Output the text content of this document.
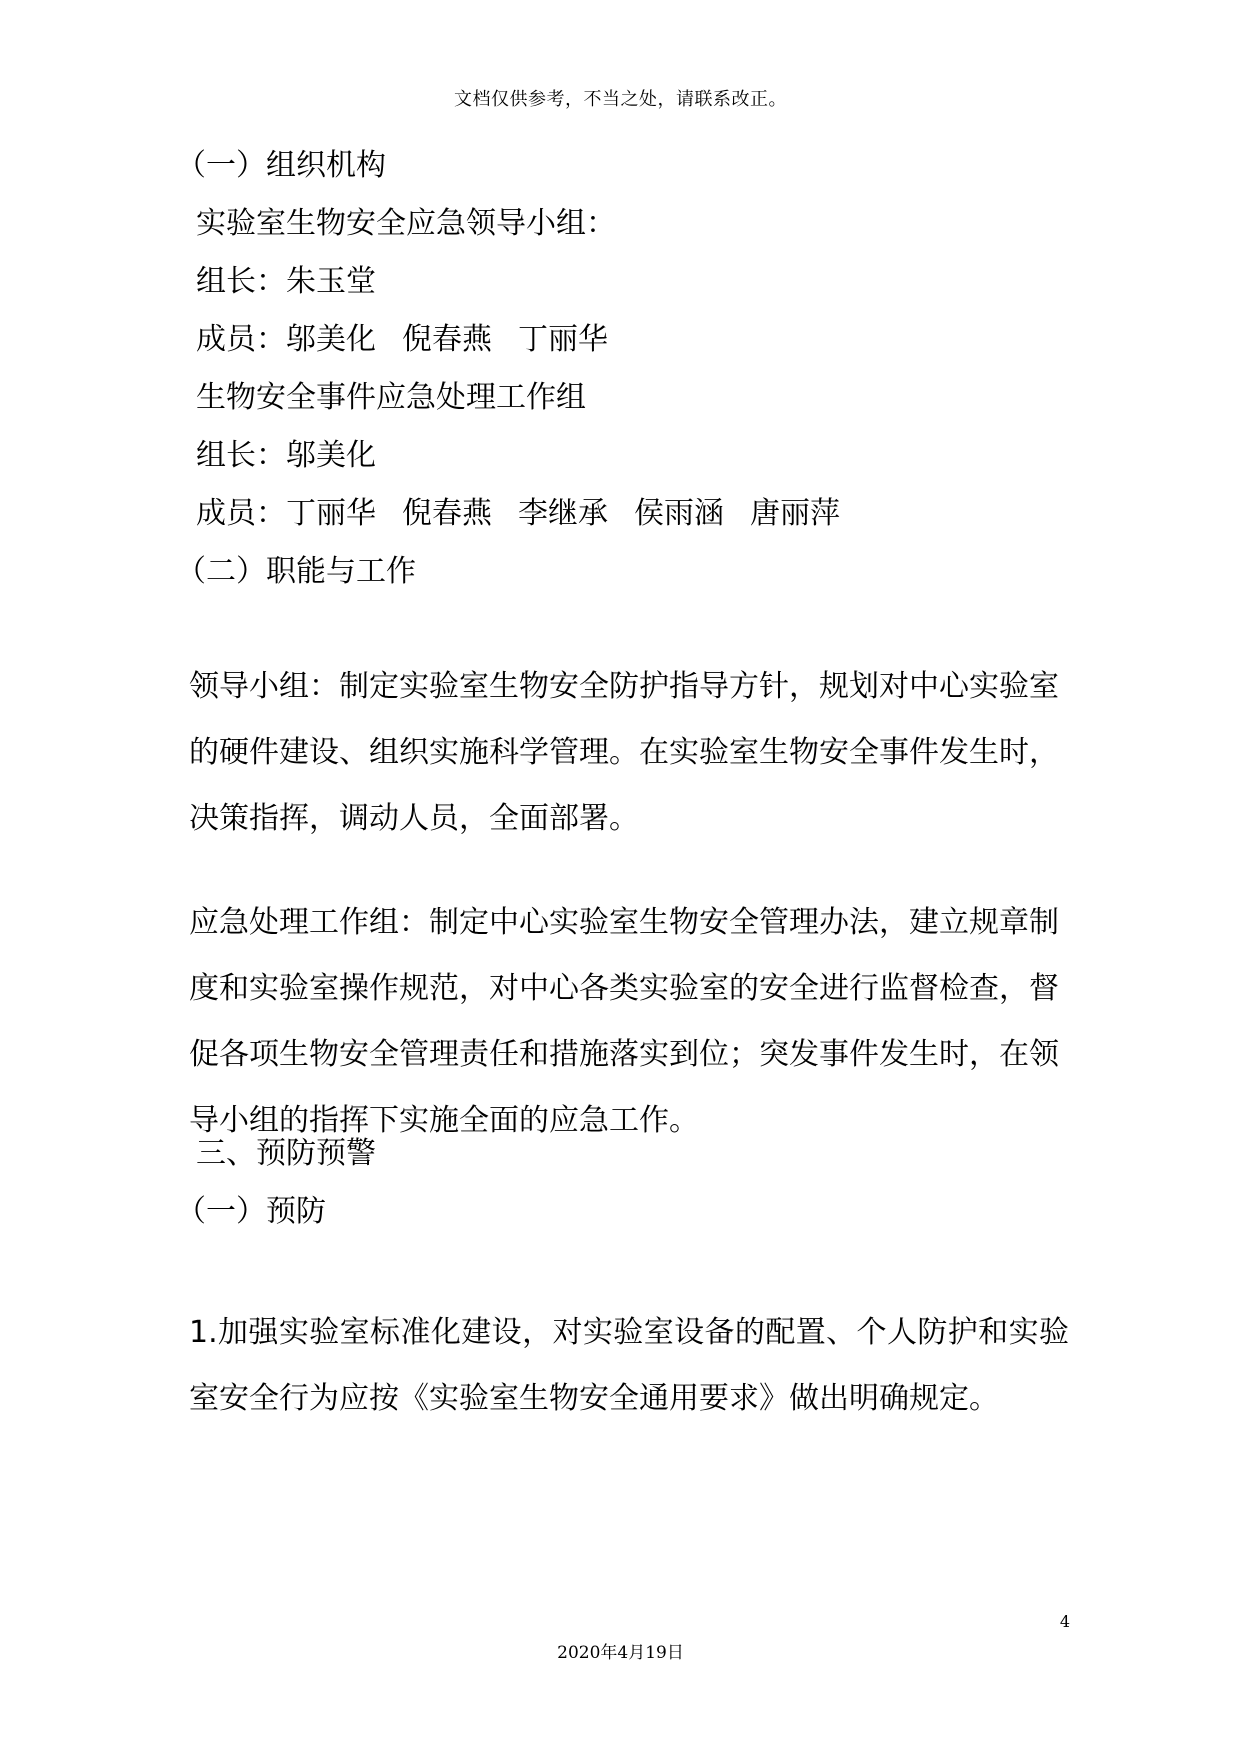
文档仅供参考，不当之处，请联系改正。
（一）组织机构
实验室生物安全应急领导小组：
组长：朱玉堂
成员：邬美化 倪春燕 丁丽华
生物安全事件应急处理工作组
组长：邬美化
成员：丁丽华 倪春燕 李继承 侯雨涵 唐丽萍
（二）职能与工作
领导小组：制定实验室生物安全防护指导方针，规划对中心实验室的硬件建设、组织实施科学管理。在实验室生物安全事件发生时，决策指挥，调动人员，全面部署。
应急处理工作组：制定中心实验室生物安全管理办法，建立规章制度和实验室操作规范，对中心各类实验室的安全进行监督检查，督促各项生物安全管理责任和措施落实到位；突发事件发生时，在领导小组的指挥下实施全面的应急工作。
三、预防预警
（一）预防
1.加强实验室标准化建设，对实验室设备的配置、个人防护和实验室安全行为应按《实验室生物安全通用要求》做出明确规定。
4
2020年4月19日
